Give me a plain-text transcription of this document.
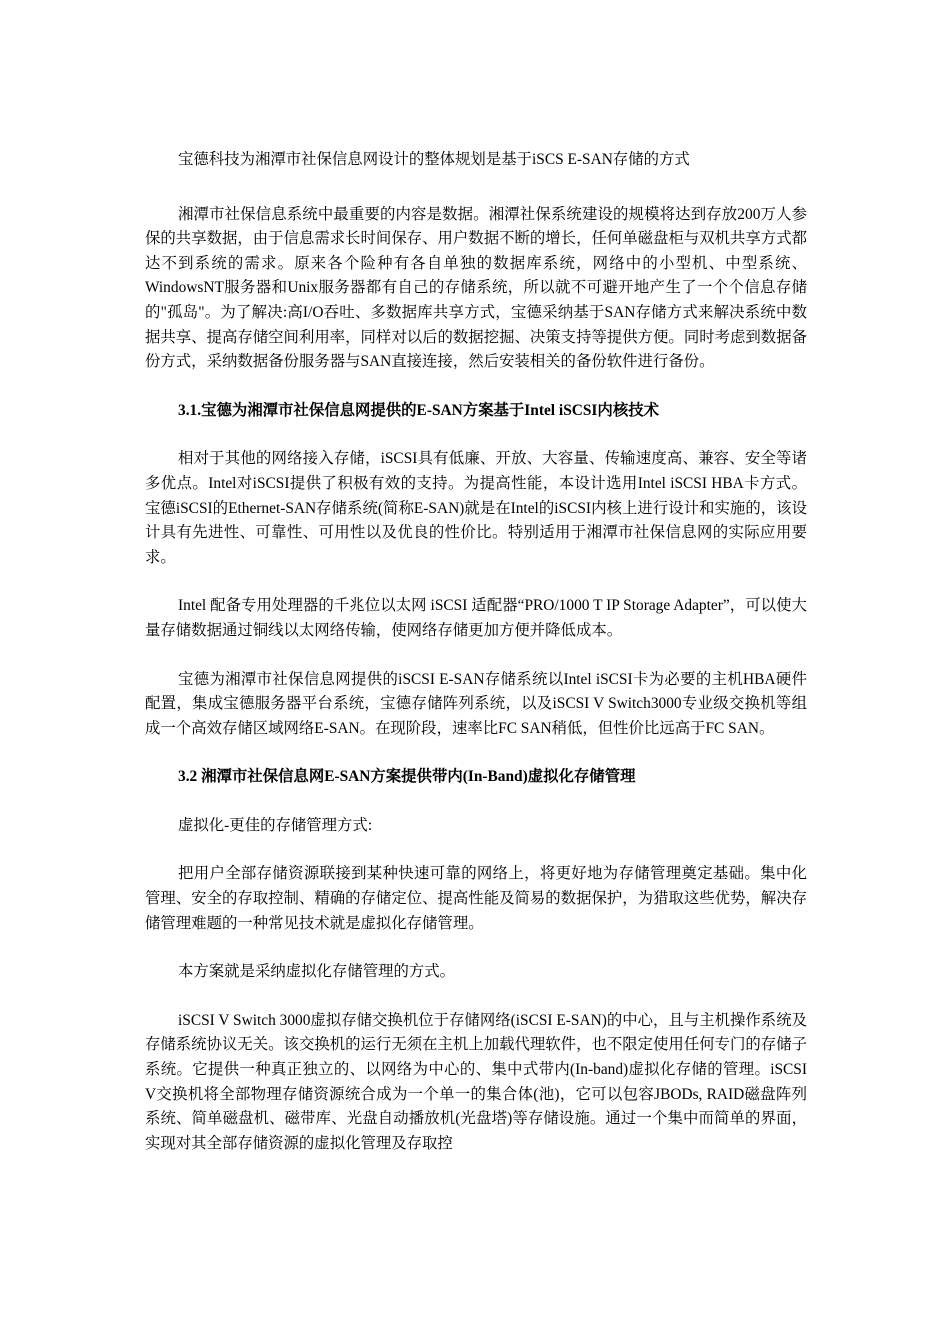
宝德科技为湘潭市社保信息网设计的整体规划是基于iSCS E-SAN存储的方式

湘潭市社保信息系统中最重要的内容是数据。湘潭社保系统建设的规模将达到存放200万人参保的共享数据，由于信息需求长时间保存、用户数据不断的增长，任何单磁盘柜与双机共享方式都达不到系统的需求。原来各个险种有各自单独的数据库系统，网络中的小型机、中型系统、WindowsNT服务器和Unix服务器都有自己的存储系统，所以就不可避开地产生了一个个信息存储的"孤岛"。为了解决:高I/O吞吐、多数据库共享方式，宝德采纳基于SAN存储方式来解决系统中数据共享、提高存储空间利用率，同样对以后的数据挖掘、决策支持等提供方便。同时考虑到数据备份方式，采纳数据备份服务器与SAN直接连接，然后安装相关的备份软件进行备份。

3.1.宝德为湘潭市社保信息网提供的E-SAN方案基于Intel iSCSI内核技术

相对于其他的网络接入存储，iSCSI具有低廉、开放、大容量、传输速度高、兼容、安全等诸多优点。Intel对iSCSI提供了积极有效的支持。为提高性能，本设计选用Intel iSCSI HBA卡方式。宝德iSCSI的Ethernet-SAN存储系统(简称E-SAN)就是在Intel的iSCSI内核上进行设计和实施的，该设计具有先进性、可靠性、可用性以及优良的性价比。特别适用于湘潭市社保信息网的实际应用要求。

Intel 配备专用处理器的千兆位以太网 iSCSI 适配器“PRO/1000 T IP Storage Adapter”，可以使大量存储数据通过铜线以太网络传输，使网络存储更加方便并降低成本。

宝德为湘潭市社保信息网提供的iSCSI E-SAN存储系统以Intel iSCSI卡为必要的主机HBA硬件配置，集成宝德服务器平台系统，宝德存储阵列系统，以及iSCSI V Switch3000专业级交换机等组成一个高效存储区域网络E-SAN。在现阶段，速率比FC SAN稍低，但性价比远高于FC SAN。

3.2 湘潭市社保信息网E-SAN方案提供带内(In-Band)虚拟化存储管理

虚拟化-更佳的存储管理方式:

把用户全部存储资源联接到某种快速可靠的网络上，将更好地为存储管理奠定基础。集中化管理、安全的存取控制、精确的存储定位、提高性能及简易的数据保护，为猎取这些优势，解决存储管理难题的一种常见技术就是虚拟化存储管理。

本方案就是采纳虚拟化存储管理的方式。

iSCSI V Switch 3000虚拟存储交换机位于存储网络(iSCSI E-SAN)的中心，且与主机操作系统及存储系统协议无关。该交换机的运行无须在主机上加载代理软件，也不限定使用任何专门的存储子系统。它提供一种真正独立的、以网络为中心的、集中式带内(In-band)虚拟化存储的管理。iSCSI V交换机将全部物理存储资源统合成为一个单一的集合体(池)，它可以包容JBODs, RAID磁盘阵列系统、简单磁盘机、磁带库、光盘自动播放机(光盘塔)等存储设施。通过一个集中而简单的界面，实现对其全部存储资源的虚拟化管理及存取控
